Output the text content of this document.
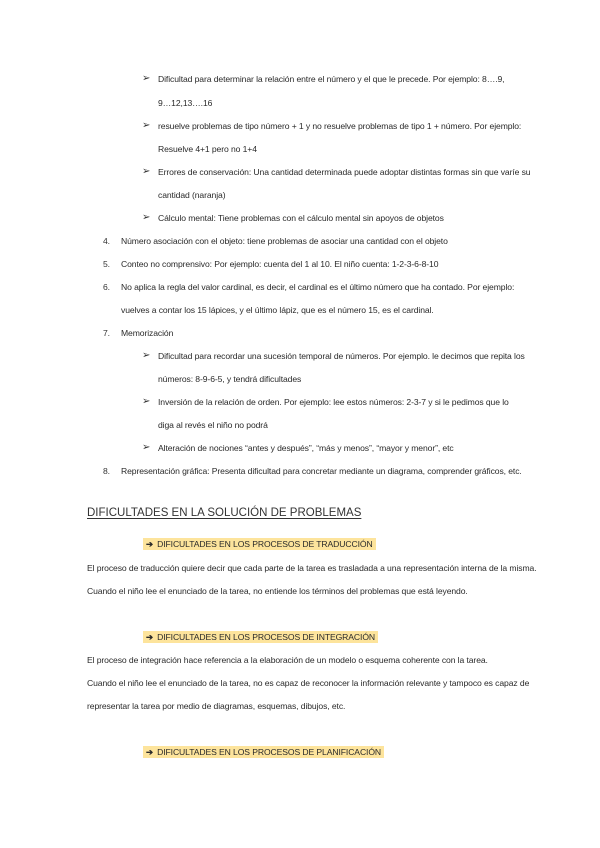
➢ Dificultad para determinar la relación entre el número y el que le precede. Por ejemplo: 8….9,
9…12,13….16
➢ resuelve problemas de tipo número + 1 y no resuelve problemas de tipo 1 + número. Por ejemplo:
Resuelve 4+1 pero no 1+4
➢ Errores de conservación: Una cantidad determinada puede adoptar distintas formas sin que varíe su
cantidad (naranja)
➢ Cálculo mental: Tiene problemas con el cálculo mental sin apoyos de objetos
4. Número asociación con el objeto: tiene problemas de asociar una cantidad con el objeto
5. Conteo no comprensivo: Por ejemplo: cuenta del 1 al 10. El niño cuenta: 1-2-3-6-8-10
6. No aplica la regla del valor cardinal, es decir, el cardinal es el último número que ha contado. Por ejemplo:
vuelves a contar los 15 lápices, y el último lápiz, que es el número 15, es el cardinal.
7. Memorización
➢ Dificultad para recordar una sucesión temporal de números. Por ejemplo. le decimos que repita los
números: 8-9-6-5, y tendrá dificultades
➢ Inversión de la relación de orden. Por ejemplo: lee estos números: 2-3-7 y si le pedimos que lo
diga al revés el niño no podrá
➢ Alteración de nociones “antes y después”, “más y menos”, “mayor y menor”, etc
8. Representación gráfica: Presenta dificultad para concretar mediante un diagrama, comprender gráficos, etc.
DIFICULTADES EN LA SOLUCIÓN DE PROBLEMAS
➔ DIFICULTADES EN LOS PROCESOS DE TRADUCCIÓN
El proceso de traducción quiere decir que cada parte de la tarea es trasladada a una representación interna de la misma.
Cuando el niño lee el enunciado de la tarea, no entiende los términos del problemas que está leyendo.
➔ DIFICULTADES EN LOS PROCESOS DE INTEGRACIÓN
El proceso de integración hace referencia a la elaboración de un modelo o esquema coherente con la tarea.
Cuando el niño lee el enunciado de la tarea, no es capaz de reconocer la información relevante y tampoco es capaz de
representar la tarea por medio de diagramas, esquemas, dibujos, etc.
➔ DIFICULTADES EN LOS PROCESOS DE PLANIFICACIÓN
